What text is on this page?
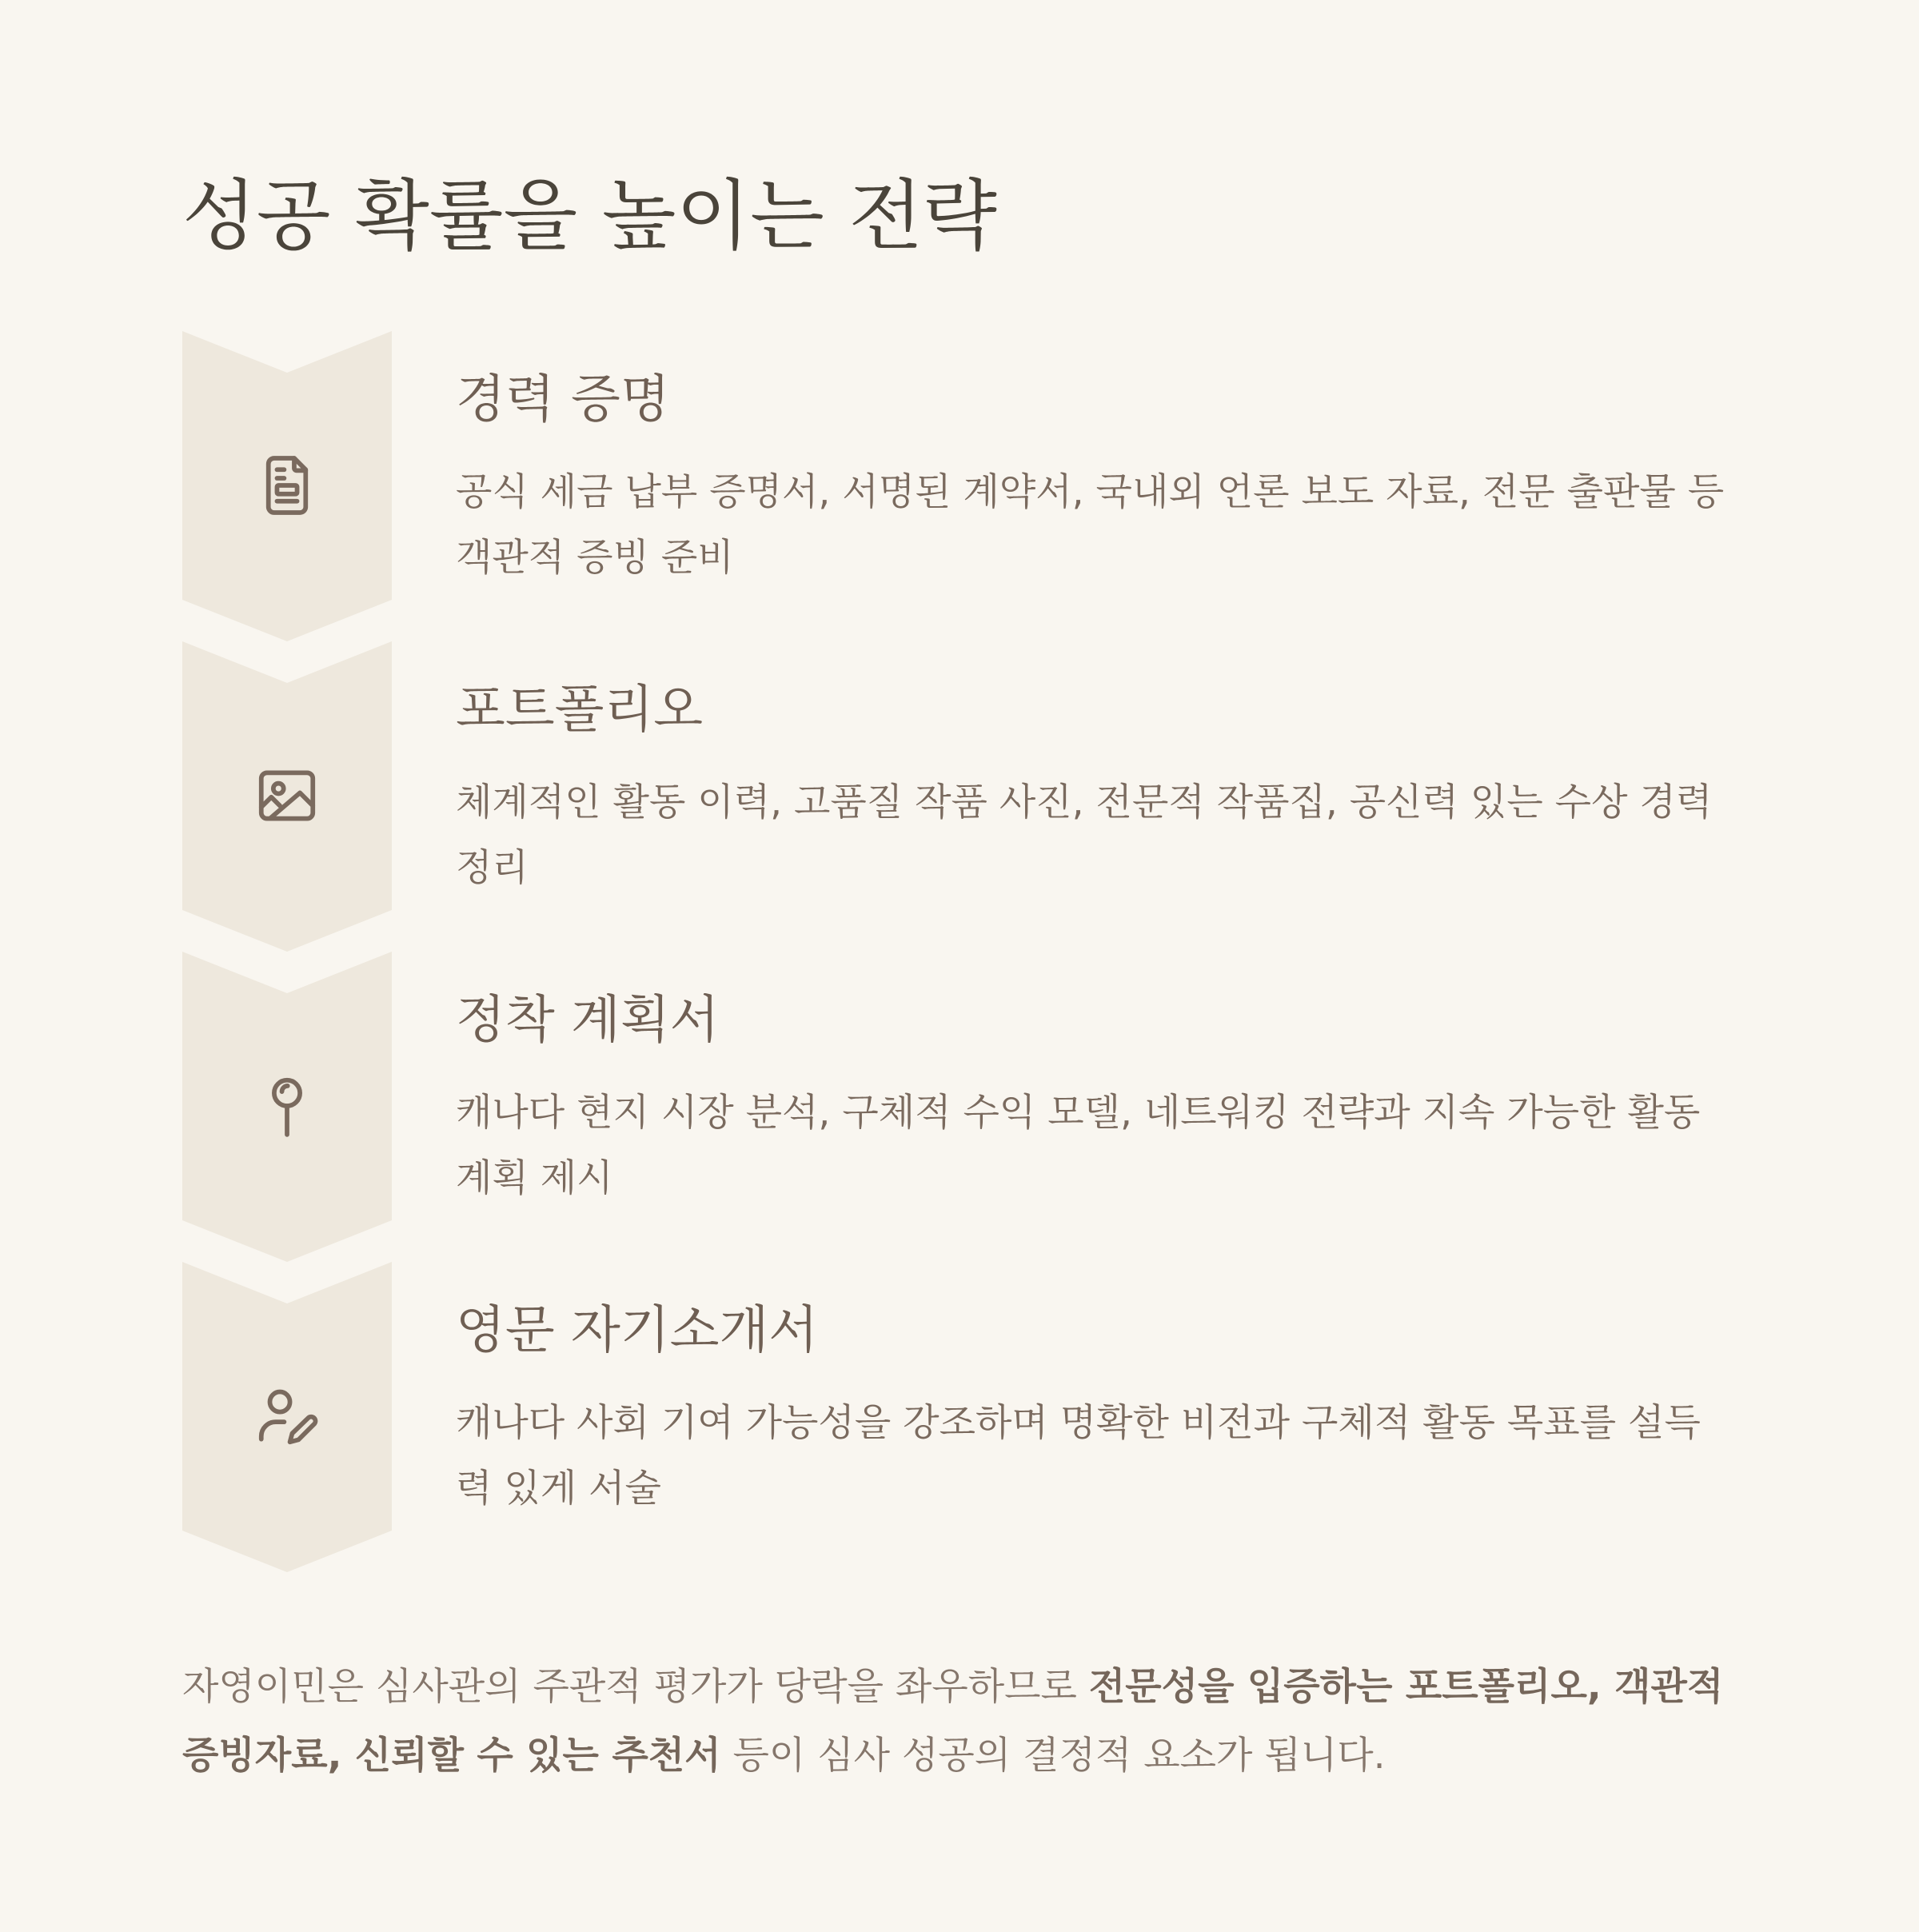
성공 확률을 높이는 전략
경력 증명
공식 세금 납부 증명서, 서명된 계약서, 국내외 언론 보도 자료, 전문 출판물 등 객관적 증빙 준비
포트폴리오
체계적인 활동 이력, 고품질 작품 사진, 전문적 작품집, 공신력 있는 수상 경력 정리
정착 계획서
캐나다 현지 시장 분석, 구체적 수익 모델, 네트워킹 전략과 지속 가능한 활동 계획 제시
영문 자기소개서
캐나다 사회 기여 가능성을 강조하며 명확한 비전과 구체적 활동 목표를 설득력 있게 서술

자영이민은 심사관의 주관적 평가가 당락을 좌우하므로 전문성을 입증하는 포트폴리오, 객관적 증빙자료, 신뢰할 수 있는 추천서 등이 심사 성공의 결정적 요소가 됩니다.
